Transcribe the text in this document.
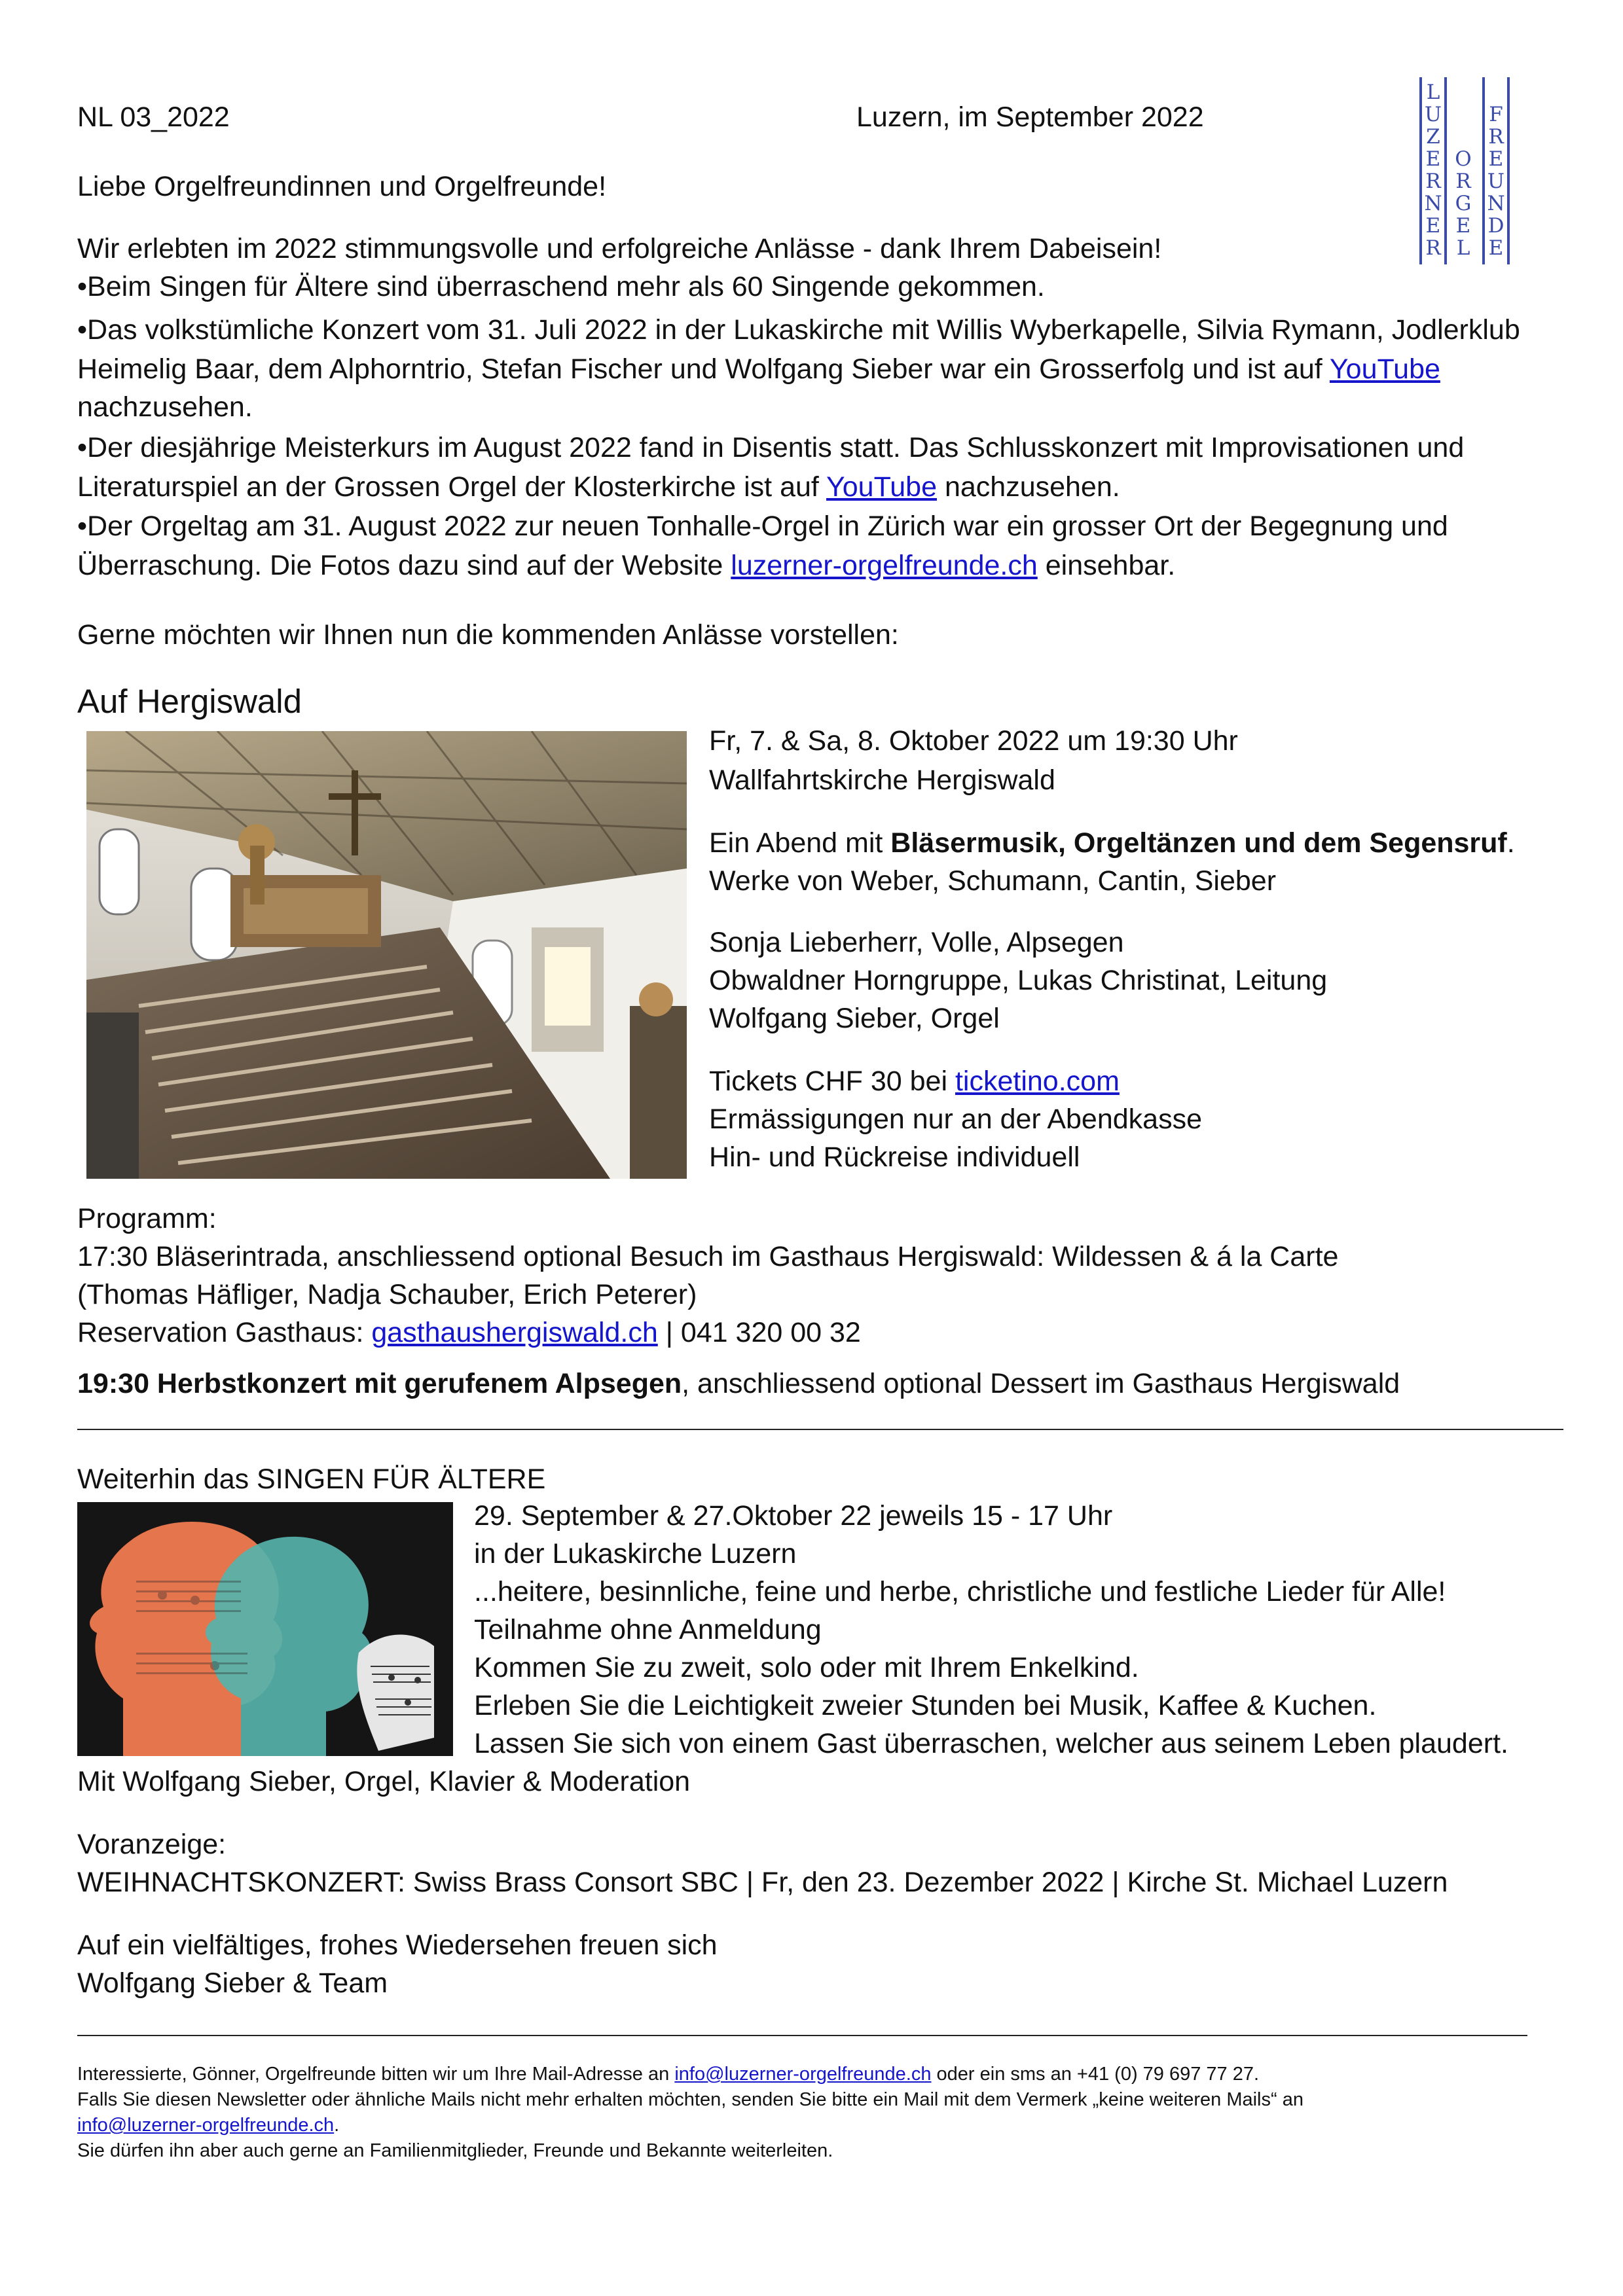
NL 03_2022	Luzern, im September 2022
L
U
Z
E
R
N
E
R
O
R
G
E
L
F
R
E
U
N
D
E
Liebe Orgelfreundinnen und Orgelfreunde!
Wir erlebten im 2022 stimmungsvolle und erfolgreiche Anlässe - dank Ihrem Dabeisein!
•Beim Singen für Ältere sind überraschend mehr als 60 Singende gekommen.
•Das volkstümliche Konzert vom 31. Juli 2022 in der Lukaskirche mit Willis Wyberkapelle, Silvia Rymann, Jodlerklub
Heimelig Baar, dem Alphorntrio, Stefan Fischer und Wolfgang Sieber war ein Grosserfolg und ist auf YouTube
nachzusehen.
•Der diesjährige Meisterkurs im August 2022 fand in Disentis statt. Das Schlusskonzert mit Improvisationen und
Literaturspiel an der Grossen Orgel der Klosterkirche ist auf YouTube nachzusehen.
•Der Orgeltag am 31. August 2022 zur neuen Tonhalle-Orgel in Zürich war ein grosser Ort der Begegnung und
Überraschung. Die Fotos dazu sind auf der Website luzerner-orgelfreunde.ch einsehbar.
Gerne möchten wir Ihnen nun die kommenden Anlässe vorstellen:
Auf Hergiswald
Fr, 7. & Sa, 8. Oktober 2022 um 19:30 Uhr
Wallfahrtskirche Hergiswald
Ein Abend mit Bläsermusik, Orgeltänzen und dem Segensruf.
Werke von Weber, Schumann, Cantin, Sieber
Sonja Lieberherr, Volle, Alpsegen
Obwaldner Horngruppe, Lukas Christinat, Leitung
Wolfgang Sieber, Orgel
Tickets CHF 30 bei ticketino.com
Ermässigungen nur an der Abendkasse
Hin- und Rückreise individuell
Programm:
17:30 Bläserintrada, anschliessend optional Besuch im Gasthaus Hergiswald: Wildessen & á la Carte
(Thomas Häfliger, Nadja Schauber, Erich Peterer)
Reservation Gasthaus: gasthaushergiswald.ch | 041 320 00 32
19:30 Herbstkonzert mit gerufenem Alpsegen, anschliessend optional Dessert im Gasthaus Hergiswald
Weiterhin das SINGEN FÜR ÄLTERE
29. September & 27.Oktober 22 jeweils 15 - 17 Uhr
in der Lukaskirche Luzern
...heitere, besinnliche, feine und herbe, christliche und festliche Lieder für Alle!
Teilnahme ohne Anmeldung
Kommen Sie zu zweit, solo oder mit Ihrem Enkelkind.
Erleben Sie die Leichtigkeit zweier Stunden bei Musik, Kaffee & Kuchen.
Lassen Sie sich von einem Gast überraschen, welcher aus seinem Leben plaudert.
Mit Wolfgang Sieber, Orgel, Klavier & Moderation
Voranzeige:
WEIHNACHTSKONZERT: Swiss Brass Consort SBC | Fr, den 23. Dezember 2022 | Kirche St. Michael Luzern
Auf ein vielfältiges, frohes Wiedersehen freuen sich
Wolfgang Sieber & Team
Interessierte, Gönner, Orgelfreunde bitten wir um Ihre Mail-Adresse an info@luzerner-orgelfreunde.ch oder ein sms an +41 (0) 79 697 77 27.
Falls Sie diesen Newsletter oder ähnliche Mails nicht mehr erhalten möchten, senden Sie bitte ein Mail mit dem Vermerk „keine weiteren Mails“ an
info@luzerner-orgelfreunde.ch.
Sie dürfen ihn aber auch gerne an Familienmitglieder, Freunde und Bekannte weiterleiten.
